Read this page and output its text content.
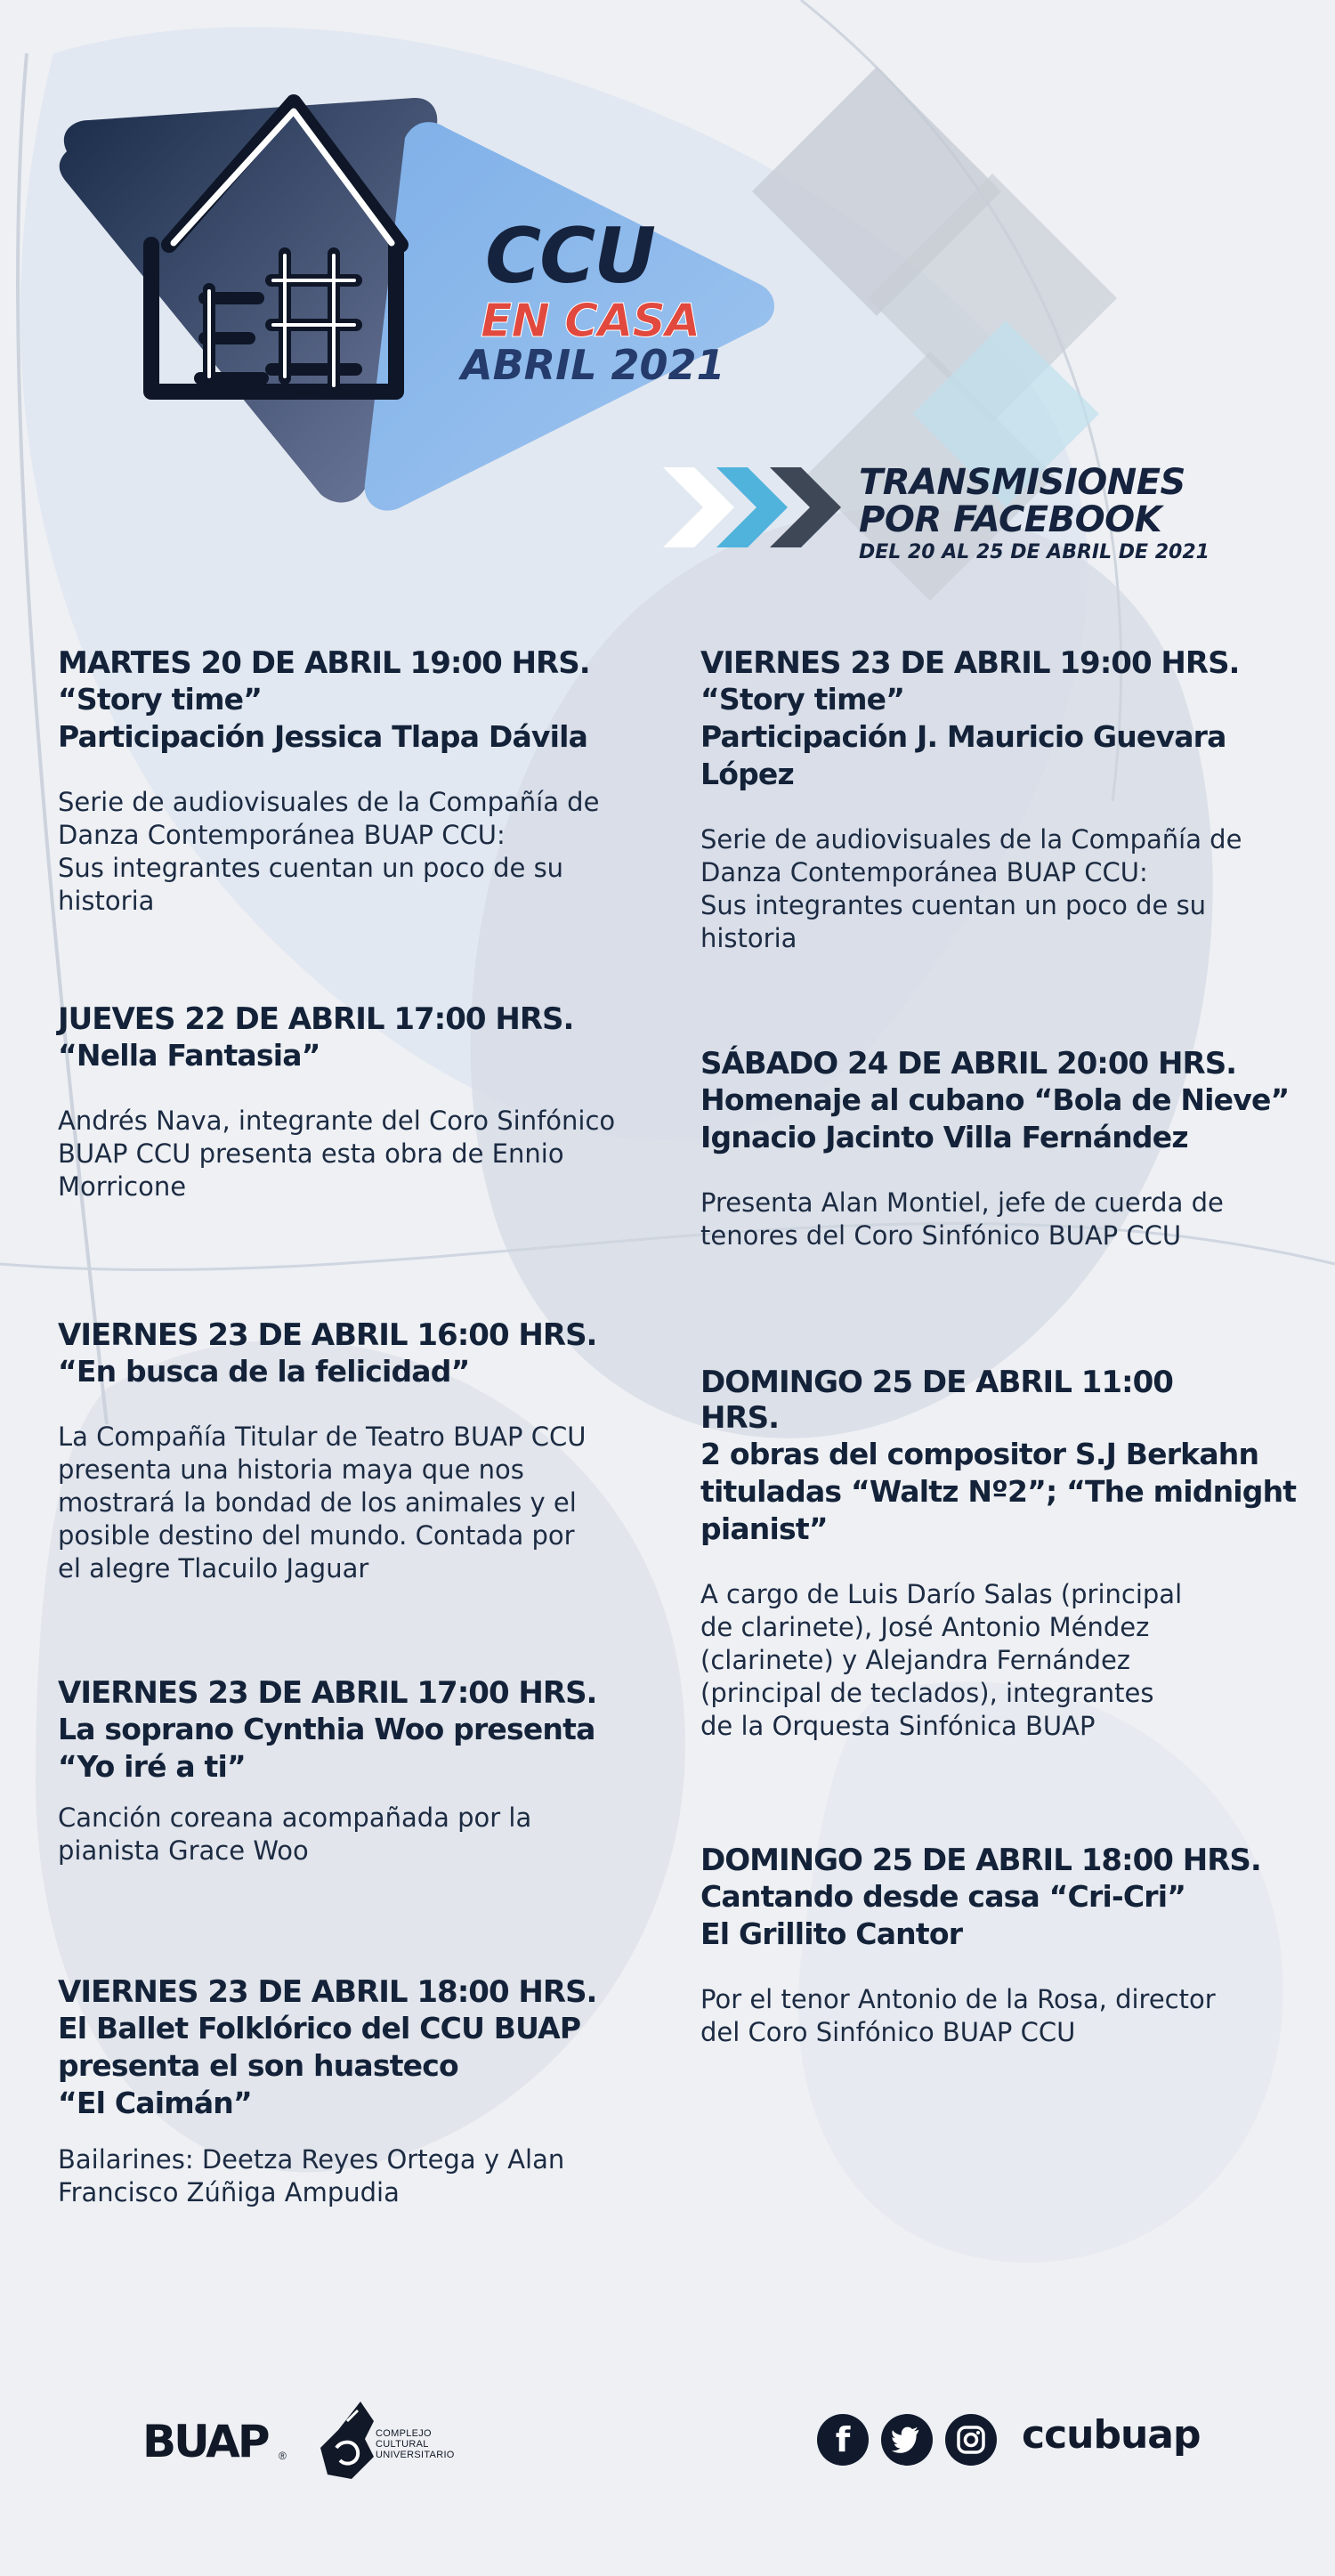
CCU
EN CASA
ABRIL 2021
TRANSMISIONES
POR FACEBOOK
DEL 20 AL 25 DE ABRIL DE 2021

MARTES 20 DE ABRIL 19:00 HRS.

“Story time”
Participación Jessica Tlapa Dávila

Serie de audiovisuales de la Compañía de
Danza Contemporánea BUAP CCU:
Sus integrantes cuentan un poco de su
historia

JUEVES 22 DE ABRIL 17:00 HRS.

“Nella Fantasia”

Andrés Nava, integrante del Coro Sinfónico
BUAP CCU presenta esta obra de Ennio
Morricone

VIERNES 23 DE ABRIL 16:00 HRS.

“En busca de la felicidad”

La Compañía Titular de Teatro BUAP CCU
presenta una historia maya que nos
mostrará la bondad de los animales y el
posible destino del mundo. Contada por
el alegre Tlacuilo Jaguar

VIERNES 23 DE ABRIL 17:00 HRS.

La soprano Cynthia Woo presenta
“Yo iré a ti”

Canción coreana acompañada por la
pianista Grace Woo

VIERNES 23 DE ABRIL 18:00 HRS.

El Ballet Folklórico del CCU BUAP
presenta el son huasteco
“El Caimán”

Bailarines: Deetza Reyes Ortega y Alan
Francisco Zúñiga Ampudia

VIERNES 23 DE ABRIL 19:00 HRS.

“Story time”
Participación J. Mauricio Guevara
López

Serie de audiovisuales de la Compañía de
Danza Contemporánea BUAP CCU:
Sus integrantes cuentan un poco de su
historia

SÁBADO 24 DE ABRIL 20:00 HRS.

Homenaje al cubano “Bola de Nieve”
Ignacio Jacinto Villa Fernández

Presenta Alan Montiel, jefe de cuerda de
tenores del Coro Sinfónico BUAP CCU

DOMINGO 25 DE ABRIL 11:00
HRS.

2 obras del compositor S.J Berkahn
tituladas “Waltz Nº2”; “The midnight
pianist”

A cargo de Luis Darío Salas (principal
de clarinete), José Antonio Méndez
(clarinete) y Alejandra Fernández
(principal de teclados), integrantes
de la Orquesta Sinfónica BUAP

DOMINGO 25 DE ABRIL 18:00 HRS.

Cantando desde casa “Cri-Cri”
El Grillito Cantor

Por el tenor Antonio de la Rosa, director
del Coro Sinfónico BUAP CCU

BUAP ®
COMPLEJO
CULTURAL
UNIVERSITARIO	f	ccubuap
